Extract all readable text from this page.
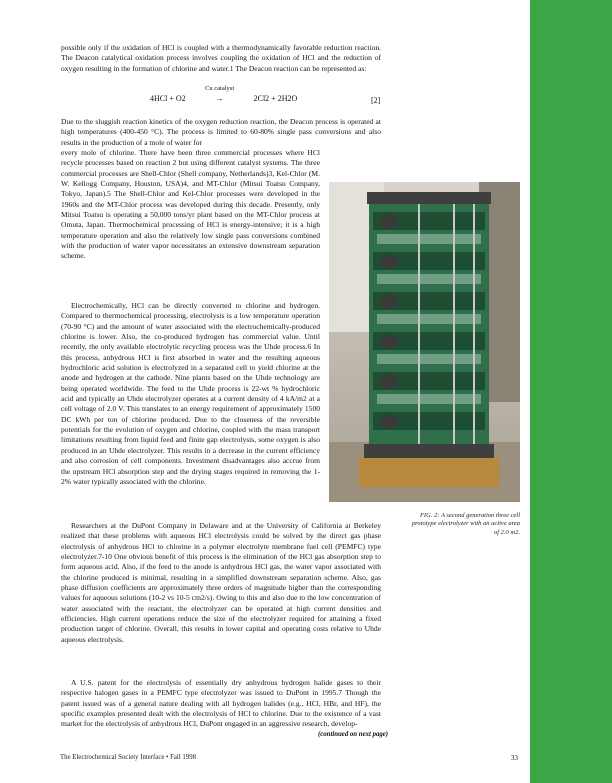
possible only if the oxidation of HCl is coupled with a thermodynamically favorable reduction reaction. The Deacon catalytical oxidation process involves coupling the oxidation of HCl and the reduction of oxygen resulting in the formation of chlorine and water.1 The Deacon reaction can be represented as:

4HCl + O2
Cu catalyst
→	2Cl2 + 2H2O	[2]

Due to the sluggish reaction kinetics of the oxygen reduction reaction, the Deacon process is operated at high temperatures (400-450 °C). The process is limited to 60-80% single pass conversions and also results in the production of a mole of water for

every mole of chlorine. There have been three commercial processes where HCl recycle processes based on reaction 2 but using different catalyst systems. The three commercial processes are Shell-Chlor (Shell company, Netherlands)3, Kel-Chlor (M. W. Kellogg Company, Houston, USA)4, and MT-Chlor (Mitsui Toatsu Company, Tokyo, Japan).5 The Shell-Chlor and Kel-Chlor processes were developed in the 1960s and the MT-Chlor process was developed during this decade. Presently, only Mitsui Toatsu is operating a 50,000 tons/yr plant based on the MT-Chlor process at Omuta, Japan. Thermochemical processing of HCl is energy-intensive; it is a high temperature operation and also the relatively low single pass conversions combined with the production of water vapor necessitates an extensive downstream separation scheme.

Electrochemically, HCl can be directly converted to chlorine and hydrogen. Compared to thermochemical processing, electrolysis is a low temperature operation (70-90 °C) and the amount of water associated with the electrochemically-produced chlorine is lower. Also, the co-produced hydrogen has commercial value. Until recently, the only available electrolytic recycling process was the Uhde process.6 In this process, anhydrous HCl is first absorbed in water and the resulting aqueous hydrochloric acid solution is electrolyzed in a separated cell to yield chlorine at the anode and hydrogen at the cathode. Nine plants based on the Uhde technology are being operated worldwide. The feed to the Uhde process is 22-wt % hydrochloric acid and typically an Uhde electrolyzer operates at a current density of 4 kA/m2 at a cell voltage of 2.0 V. This translates to an energy requirement of approximately 1500 DC kWh per ton of chlorine produced. Due to the closeness of the reversible potentials for the evolution of oxygen and chlorine, coupled with the mass transport limitations resulting from liquid feed and finite gap electrolysis, some oxygen is also produced in an Uhde electrolyzer. This results in a decrease in the current efficiency and also corrosion of cell components. Investment disadvantages also accrue from the upstream HCl absorption step and the drying stages required in removing the 1-2% water typically associated with the chlorine.

Researchers at the DuPont Company in Delaware and at the University of California at Berkeley realized that these problems with aqueous HCl electrolysis could be solved by the direct gas phase electrolysis of anhydrous HCl to chlorine in a polymer electrolyte membrane fuel cell (PEMFC) type electrolyzer.7-10 One obvious benefit of this process is the elimination of the HCl gas absorption step to form aqueous acid. Also, if the feed to the anode is anhydrous HCl gas, the water vapor associated with the chlorine produced is minimal, resulting in a simplified downstream separation scheme. Also, gas phase diffusion coefficients are approximately three orders of magnitude higher than the corresponding values for aqueous solutions (10-2 vs 10-5 cm2/s). Owing to this and also due to the low concentration of water associated with the reactant, the electrolyzer can be operated at high current densities and efficiencies. High current operations reduce the size of the electrolyzer required for attaining a fixed production target of chlorine. Overall, this results in lower capital and operating costs relative to Uhde aqueous electrolysis.

A U.S. patent for the electrolysis of essentially dry anhydrous hydrogen halide gases to their respective halogen gases in a PEMFC type electrolyzer was issued to DuPont in 1995.7 Though the patent issued was of a general nature dealing with all hydrogen halides (e.g., HCl, HBr, and HF), the specific examples presented dealt with the electrolysis of HCl to chlorine. Due to the existence of a vast market for the electrolysis of anhydrous HCl, DuPont engaged in an aggressive research, develop-

FIG. 2: A second generation three cell prototype electrolyzer with an active area of 2.0 m2.
(continued on next page)
The Electrochemical Society Interface • Fall 1998	33
